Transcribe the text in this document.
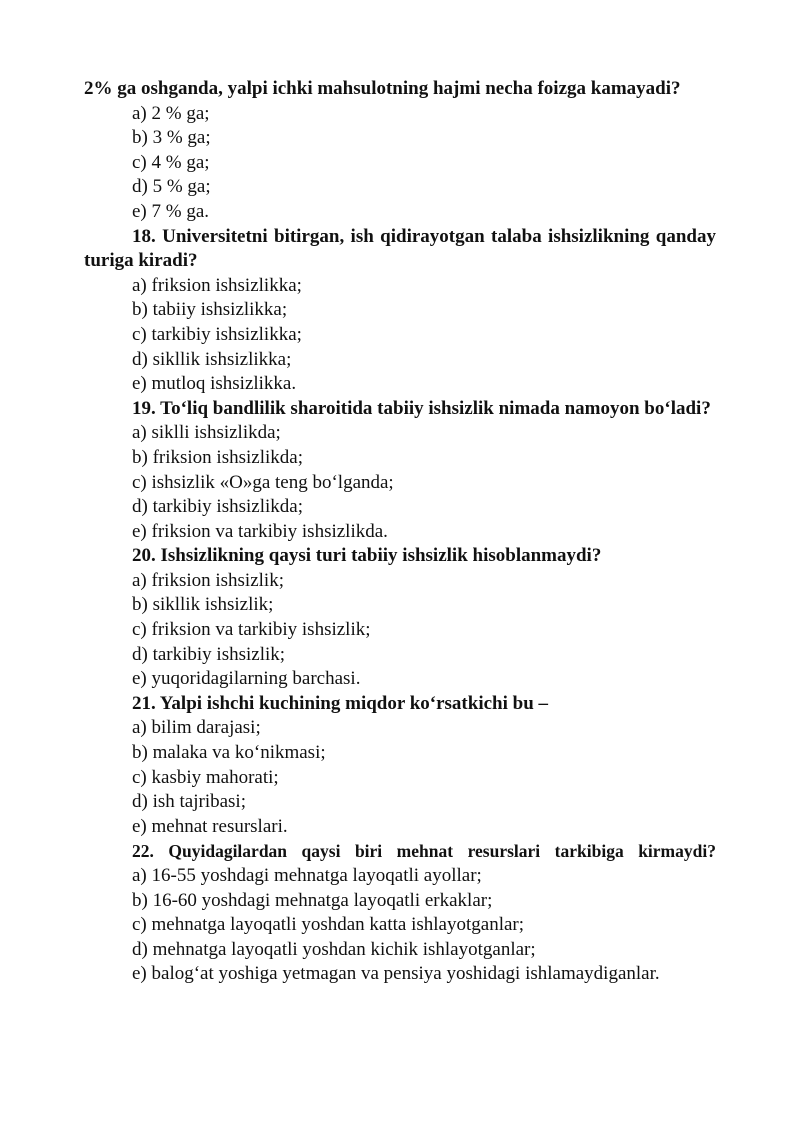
2% ga oshganda, yalpi ichki mahsulotning hajmi necha foizga kamayadi?
a) 2 % ga;
b) 3 % ga;
c) 4 % ga;
d) 5 % ga;
e) 7 % ga.
18. Universitetni bitirgan, ish qidirayotgan talaba ishsizlikning qanday turiga kiradi?
a) friksion ishsizlikka;
b) tabiiy ishsizlikka;
c) tarkibiy ishsizlikka;
d) sikllik ishsizlikka;
e) mutloq ishsizlikka.
19. To‘liq bandlilik sharoitida tabiiy ishsizlik nimada namoyon bo‘ladi?
a) siklli ishsizlikda;
b) friksion ishsizlikda;
c) ishsizlik «O»ga teng bo‘lganda;
d) tarkibiy ishsizlikda;
e) friksion va tarkibiy ishsizlikda.
20. Ishsizlikning qaysi turi tabiiy ishsizlik hisoblanmaydi?
a) friksion ishsizlik;
b) sikllik ishsizlik;
c) friksion va tarkibiy ishsizlik;
d) tarkibiy ishsizlik;
e) yuqoridagilarning barchasi.
21. Yalpi ishchi kuchining miqdor ko‘rsatkichi bu –
a) bilim darajasi;
b) malaka va ko‘nikmasi;
c) kasbiy mahorati;
d) ish tajribasi;
e) mehnat resurslari.
22. Quyidagilardan qaysi biri mehnat resurslari tarkibiga kirmaydi?
a) 16-55 yoshdagi mehnatga layoqatli ayollar;
b) 16-60 yoshdagi mehnatga layoqatli erkaklar;
c) mehnatga layoqatli yoshdan katta ishlayotganlar;
d) mehnatga layoqatli yoshdan kichik ishlayotganlar;
e) balog‘at yoshiga yetmagan va pensiya yoshidagi ishlamaydiganlar.
